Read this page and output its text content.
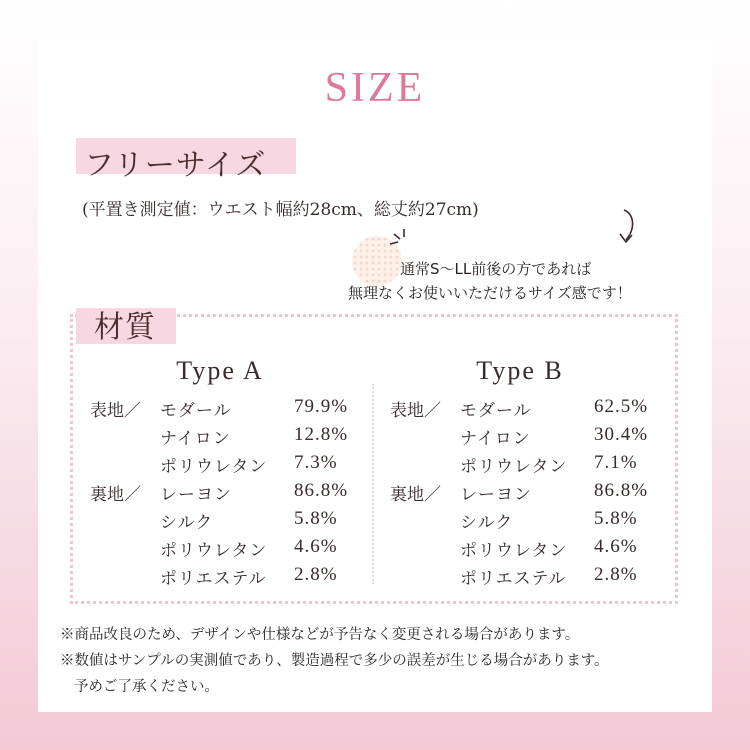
SIZE
フリーサイズ
(平置き測定値：ウエスト幅約28cm、総丈約27cm)
通常S～LL前後の方であれば
無理なくお使いいただけるサイズ感です！
材質
Type A
表地／	モダール	79.9%
ナイロン	12.8%
ポリウレタン 7.3%
裏地／	レーヨン	86.8%
シルク	5.8%
ポリウレタン 4.6%
ポリエステル 2.8%
Type B
表地／	モダール	62.5%
ナイロン	30.4%
ポリウレタン 7.1%
裏地／	レーヨン	86.8%
シルク	5.8%
ポリウレタン 4.6%
ポリエステル 2.8%
※商品改良のため、デザインや仕様などが予告なく変更される場合があります。
※数値はサンプルの実測値であり、製造過程で多少の誤差が生じる場合があります。
予めご了承ください。
